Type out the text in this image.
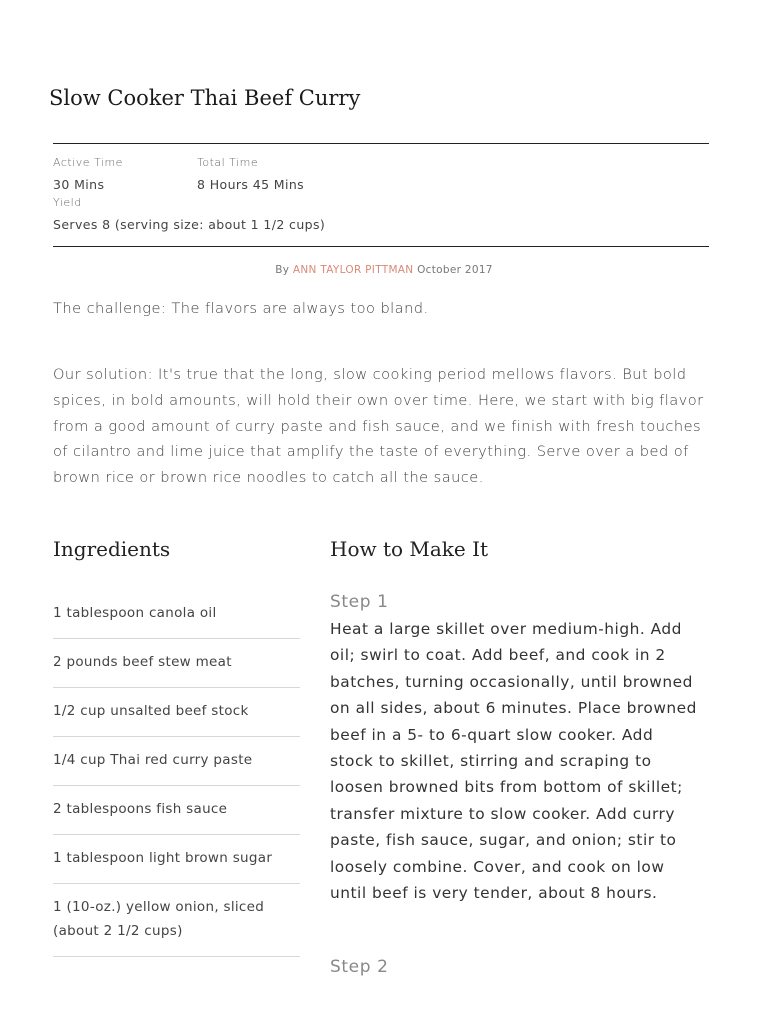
Slow Cooker Thai Beef Curry
Active Time	Total Time
30 Mins	8 Hours 45 Mins
Yield
Serves 8 (serving size: about 1 1/2 cups)
By ANN TAYLOR PITTMAN October 2017
The challenge: The flavors are always too bland.
Our solution: It's true that the long, slow cooking period mellows flavors. But bold spices, in bold amounts, will hold their own over time. Here, we start with big flavor from a good amount of curry paste and fish sauce, and we finish with fresh touches of cilantro and lime juice that amplify the taste of everything. Serve over a bed of brown rice or brown rice noodles to catch all the sauce.
Ingredients
1 tablespoon canola oil
2 pounds beef stew meat
1/2 cup unsalted beef stock
1/4 cup Thai red curry paste
2 tablespoons fish sauce
1 tablespoon light brown sugar
1 (10-oz.) yellow onion, sliced (about 2 1/2 cups)
How to Make It
Step 1
Heat a large skillet over medium-high. Add oil; swirl to coat. Add beef, and cook in 2 batches, turning occasionally, until browned on all sides, about 6 minutes. Place browned beef in a 5- to 6-quart slow cooker. Add stock to skillet, stirring and scraping to loosen browned bits from bottom of skillet; transfer mixture to slow cooker. Add curry paste, fish sauce, sugar, and onion; stir to loosely combine. Cover, and cook on low until beef is very tender, about 8 hours.
Step 2
